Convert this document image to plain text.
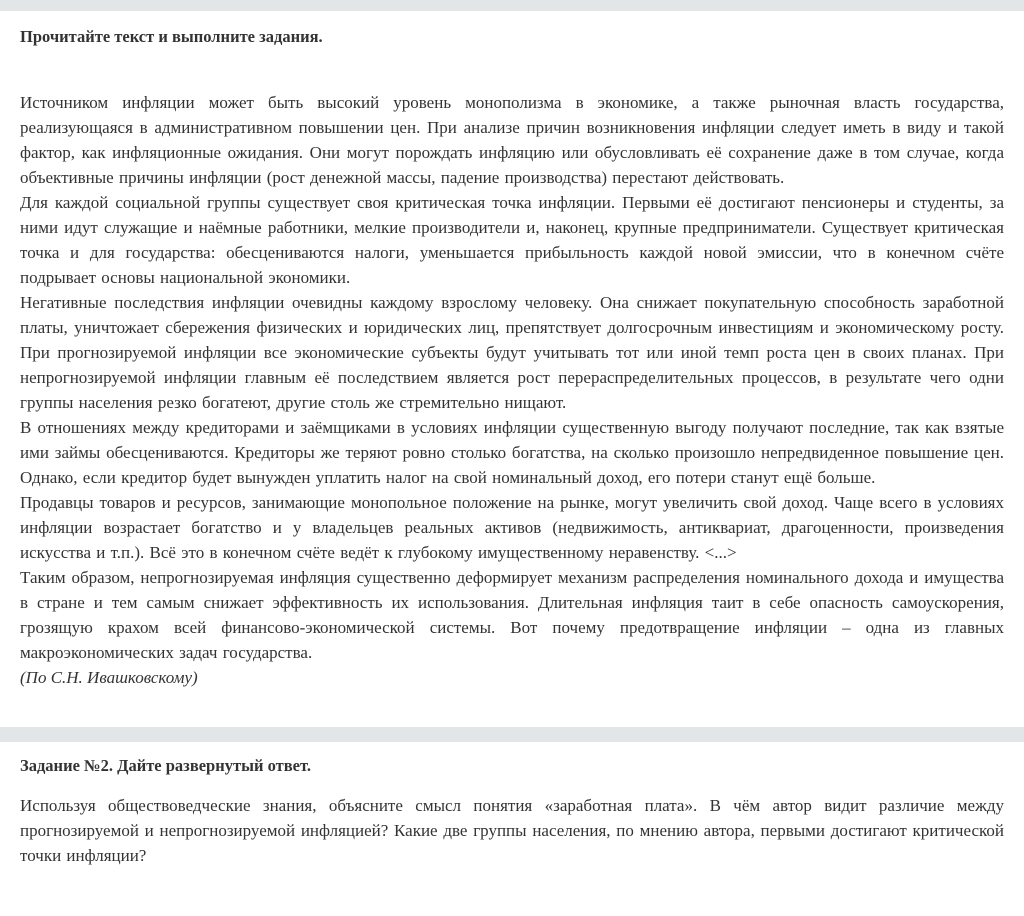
Прочитайте текст и выполните задания.

Источником инфляции может быть высокий уровень монополизма в экономике, а также рыночная власть государства, реализующаяся в административном повышении цен. При анализе причин возникновения инфляции следует иметь в виду и такой фактор, как инфляционные ожидания. Они могут порождать инфляцию или обусловливать её сохранение даже в том случае, когда объективные причины инфляции (рост денежной массы, падение производства) перестают действовать.

Для каждой социальной группы существует своя критическая точка инфляции. Первыми её достигают пенсионеры и студенты, за ними идут служащие и наёмные работники, мелкие производители и, наконец, крупные предприниматели. Существует критическая точка и для государства: обесцениваются налоги, уменьшается прибыльность каждой новой эмиссии, что в конечном счёте подрывает основы национальной экономики.

Негативные последствия инфляции очевидны каждому взрослому человеку. Она снижает покупательную способность заработной платы, уничтожает сбережения физических и юридических лиц, препятствует долгосрочным инвестициям и экономическому росту. При прогнозируемой инфляции все экономические субъекты будут учитывать тот или иной темп роста цен в своих планах. При непрогнозируемой инфляции главным её последствием является рост перераспределительных процессов, в результате чего одни группы населения резко богатеют, другие столь же стремительно нищают.

В отношениях между кредиторами и заёмщиками в условиях инфляции существенную выгоду получают последние, так как взятые ими займы обесцениваются. Кредиторы же теряют ровно столько богатства, на сколько произошло непредвиденное повышение цен. Однако, если кредитор будет вынужден уплатить налог на свой номинальный доход, его потери станут ещё больше.

Продавцы товаров и ресурсов, занимающие монопольное положение на рынке, могут увеличить свой доход. Чаще всего в условиях инфляции возрастает богатство и у владельцев реальных активов (недвижимость, антиквариат, драгоценности, произведения искусства и т.п.). Всё это в конечном счёте ведёт к глубокому имущественному неравенству. <...>

Таким образом, непрогнозируемая инфляция существенно деформирует механизм распределения номинального дохода и имущества в стране и тем самым снижает эффективность их использования. Длительная инфляция таит в себе опасность самоускорения, грозящую крахом всей финансово-экономической системы. Вот почему предотвращение инфляции – одна из главных макроэкономических задач государства.

(По С.Н. Ивашковскому)

Задание №2. Дайте развернутый ответ.

Используя обществоведческие знания, объясните смысл понятия «заработная плата». В чём автор видит различие между прогнозируемой и непрогнозируемой инфляцией? Какие две группы населения, по мнению автора, первыми достигают критической точки инфляции?
